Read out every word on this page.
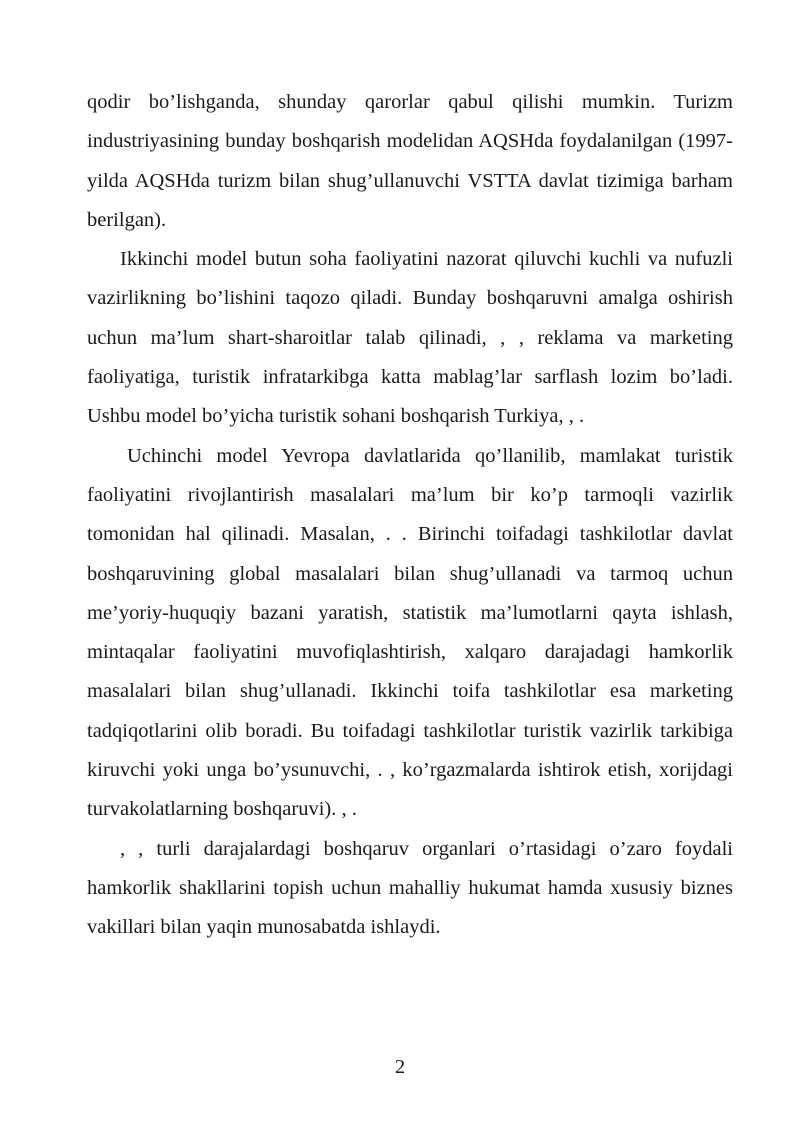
qodir bo’lishganda, shunday qarorlar qabul qilishi mumkin. Turizm industriyasining bunday boshqarish modelidan AQSHda foydalanilgan (1997-yilda AQSHda turizm bilan shug’ullanuvchi VSTTA davlat tizimiga barham berilgan).

Ikkinchi model butun soha faoliyatini nazorat qiluvchi kuchli va nufuzli vazirlikning bo’lishini taqozo qiladi. Bunday boshqaruvni amalga oshirish uchun ma’lum shart-sharoitlar talab qilinadi, , , reklama va marketing faoliyatiga, turistik infratarkibga katta mablag’lar sarflash lozim bo’ladi. Ushbu model bo’yicha turistik sohani boshqarish Turkiya, , .

Uchinchi model Yevropa davlatlarida qo’llanilib, mamlakat turistik faoliyatini rivojlantirish masalalari ma’lum bir ko’p tarmoqli vazirlik tomonidan hal qilinadi. Masalan, . . Birinchi toifadagi tashkilotlar davlat boshqaruvining global masalalari bilan shug’ullanadi va tarmoq uchun me’yoriy-huquqiy bazani yaratish, statistik ma’lumotlarni qayta ishlash, mintaqalar faoliyatini muvofiqlashtirish, xalqaro darajadagi hamkorlik masalalari bilan shug’ullanadi. Ikkinchi toifa tashkilotlar esa marketing tadqiqotlarini olib boradi. Bu toifadagi tashkilotlar turistik vazirlik tarkibiga kiruvchi yoki unga bo’ysunuvchi, . , ko’rgazmalarda ishtirok etish, xorijdagi turvakolatlarning boshqaruvi). , .

, , turli darajalardagi boshqaruv organlari o’rtasidagi o’zaro foydali hamkorlik shakllarini topish uchun mahalliy hukumat hamda xususiy biznes vakillari bilan yaqin munosabatda ishlaydi.

2
